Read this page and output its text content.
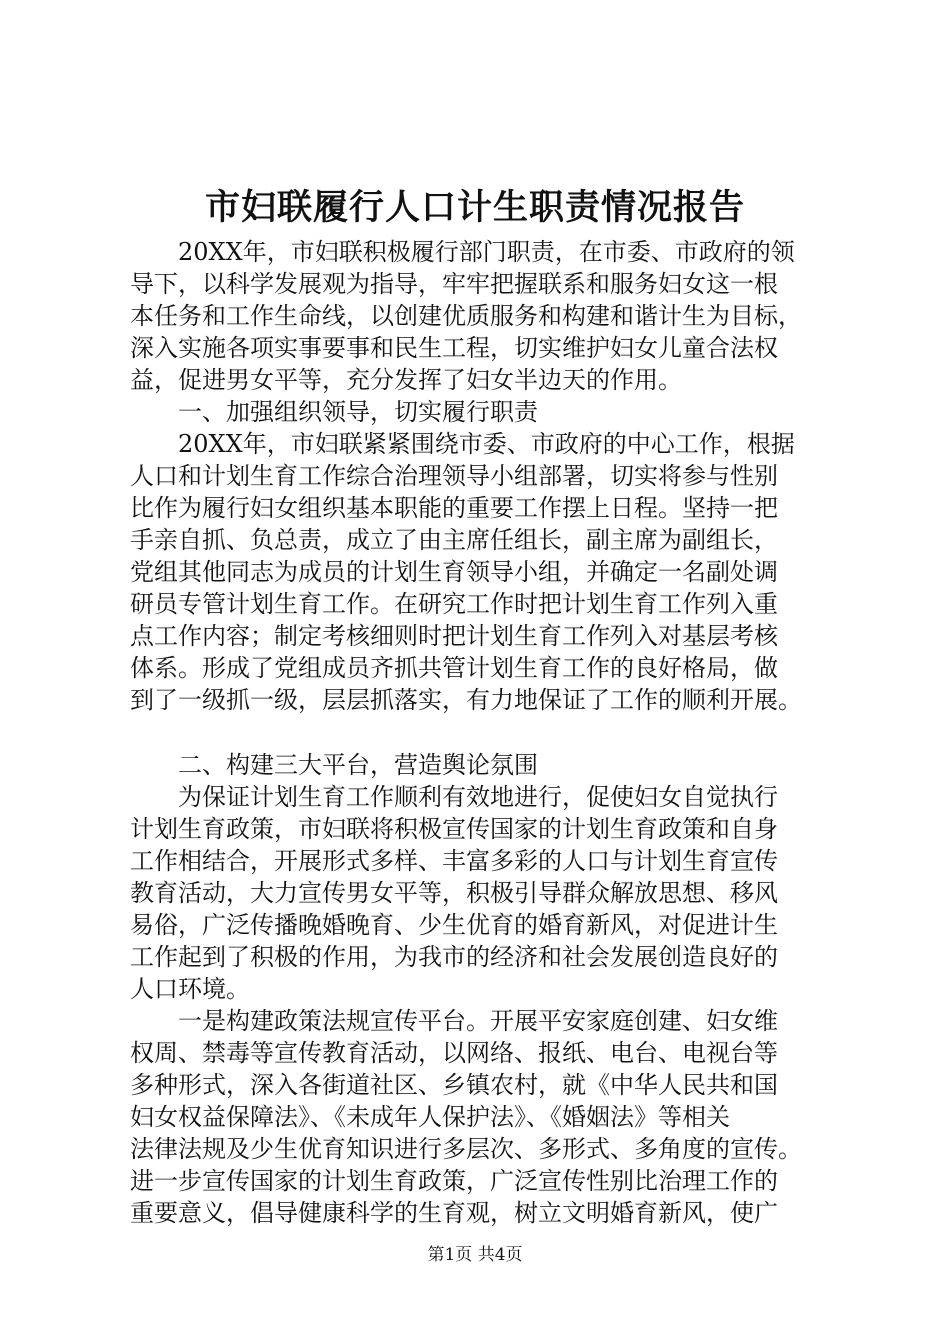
市妇联履行人口计生职责情况报告
　　20XX年，市妇联积极履行部门职责，在市委、市政府的领
导下，以科学发展观为指导，牢牢把握联系和服务妇女这一根
本任务和工作生命线，以创建优质服务和构建和谐计生为目标，
深入实施各项实事要事和民生工程，切实维护妇女儿童合法权
益，促进男女平等，充分发挥了妇女半边天的作用。
　　一、加强组织领导，切实履行职责
　　20XX年，市妇联紧紧围绕市委、市政府的中心工作，根据
人口和计划生育工作综合治理领导小组部署，切实将参与性别
比作为履行妇女组织基本职能的重要工作摆上日程。坚持一把
手亲自抓、负总责，成立了由主席任组长，副主席为副组长，
党组其他同志为成员的计划生育领导小组，并确定一名副处调
研员专管计划生育工作。在研究工作时把计划生育工作列入重
点工作内容；制定考核细则时把计划生育工作列入对基层考核
体系。形成了党组成员齐抓共管计划生育工作的良好格局，做
到了一级抓一级，层层抓落实，有力地保证了工作的顺利开展。
　　二、构建三大平台，营造舆论氛围
　　为保证计划生育工作顺利有效地进行，促使妇女自觉执行
计划生育政策，市妇联将积极宣传国家的计划生育政策和自身
工作相结合，开展形式多样、丰富多彩的人口与计划生育宣传
教育活动，大力宣传男女平等，积极引导群众解放思想、移风
易俗，广泛传播晚婚晚育、少生优育的婚育新风，对促进计生
工作起到了积极的作用，为我市的经济和社会发展创造良好的
人口环境。
　　一是构建政策法规宣传平台。开展平安家庭创建、妇女维
权周、禁毒等宣传教育活动，以网络、报纸、电台、电视台等
多种形式，深入各街道社区、乡镇农村，就《中华人民共和国
妇女权益保障法》、《未成年人保护法》、《婚姻法》等相关
法律法规及少生优育知识进行多层次、多形式、多角度的宣传。
进一步宣传国家的计划生育政策，广泛宣传性别比治理工作的
重要意义，倡导健康科学的生育观，树立文明婚育新风，使广
第1页 共4页
